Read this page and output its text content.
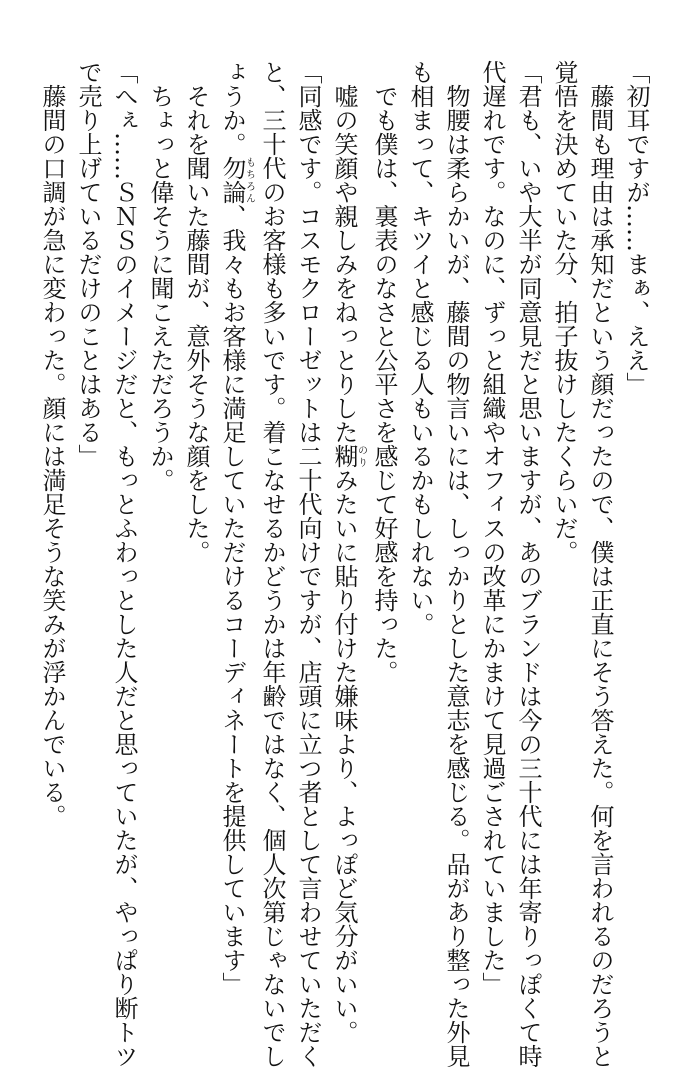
「初耳ですが……まぁ、ええ」

　藤間も理由は承知だという顔だったので、僕は正直にそう答えた。何を言われるのだろうと

覚悟を決めていた分、拍子抜けしたくらいだ。

「君も、いや大半が同意見だと思いますが、あのブランドは今の三十代には年寄りっぽくて時

代遅れです。なのに、ずっと組織やオフィスの改革にかまけて見過ごされていました」

　物腰は柔らかいが、藤間の物言いには、しっかりとした意志を感じる。品があり整った外見

も相まって、キツイと感じる人もいるかもしれない。

　でも僕は、裏表のなさと公平さを感じて好感を持った。

　嘘の笑顔や親しみをねっとりした糊のりみたいに貼り付けた嫌味より、よっぽど気分がいい。

「同感です。コスモクローゼットは二十代向けですが、店頭に立つ者として言わせていただく

と、三十代のお客様も多いです。着こなせるかどうかは年齢ではなく、個人次第じゃないでし

ょうか。勿論もちろん、我々もお客様に満足していただけるコーディネートを提供しています」

　それを聞いた藤間が、意外そうな顔をした。

　ちょっと偉そうに聞こえただろうか。

「へぇ……ＳＮＳのイメージだと、もっとふわっとした人だと思っていたが、やっぱり断トツ

で売り上げているだけのことはある」

　藤間の口調が急に変わった。顔には満足そうな笑みが浮かんでいる。
